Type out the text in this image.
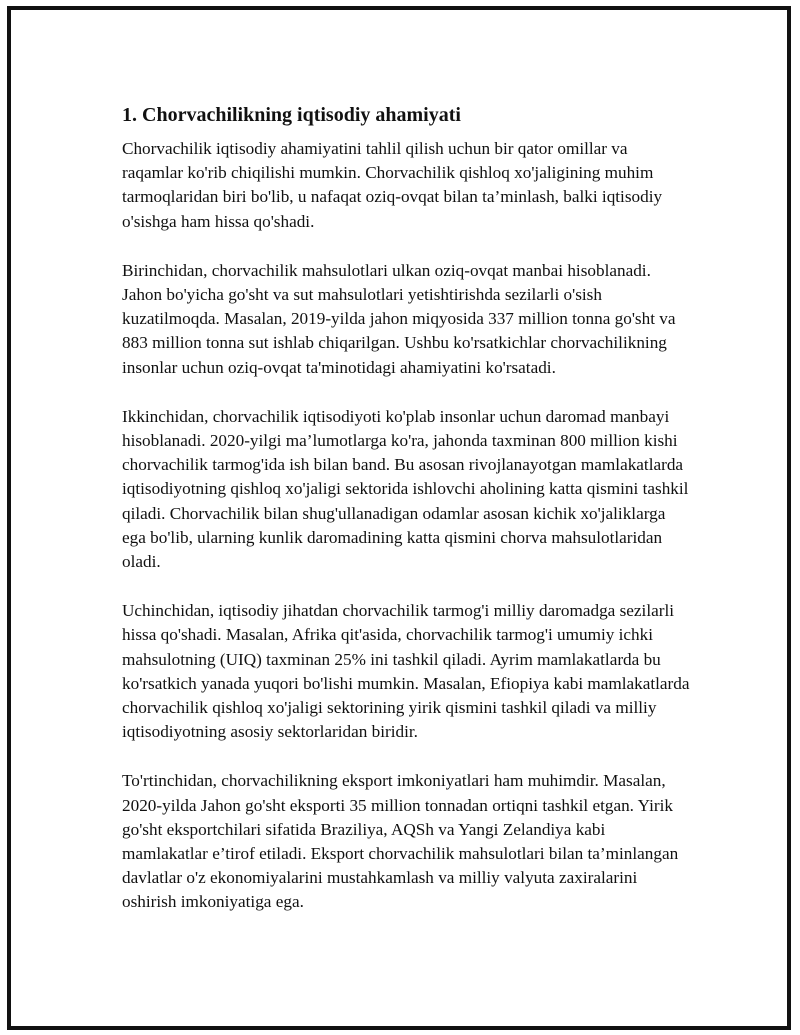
1. Chorvachilikning iqtisodiy ahamiyati

Chorvachilik iqtisodiy ahamiyatini tahlil qilish uchun bir qator omillar va raqamlar ko'rib chiqilishi mumkin. Chorvachilik qishloq xo'jaligining muhim tarmoqlaridan biri bo'lib, u nafaqat oziq-ovqat bilan ta’minlash, balki iqtisodiy o'sishga ham hissa qo'shadi.

Birinchidan, chorvachilik mahsulotlari ulkan oziq-ovqat manbai hisoblanadi. Jahon bo'yicha go'sht va sut mahsulotlari yetishtirishda sezilarli o'sish kuzatilmoqda. Masalan, 2019-yilda jahon miqyosida 337 million tonna go'sht va 883 million tonna sut ishlab chiqarilgan. Ushbu ko'rsatkichlar chorvachilikning insonlar uchun oziq-ovqat ta'minotidagi ahamiyatini ko'rsatadi.

Ikkinchidan, chorvachilik iqtisodiyoti ko'plab insonlar uchun daromad manbayi hisoblanadi. 2020-yilgi ma’lumotlarga ko'ra, jahonda taxminan 800 million kishi chorvachilik tarmog'ida ish bilan band. Bu asosan rivojlanayotgan mamlakatlarda iqtisodiyotning qishloq xo'jaligi sektorida ishlovchi aholining katta qismini tashkil qiladi. Chorvachilik bilan shug'ullanadigan odamlar asosan kichik xo'jaliklarga ega bo'lib, ularning kunlik daromadining katta qismini chorva mahsulotlaridan oladi.

Uchinchidan, iqtisodiy jihatdan chorvachilik tarmog'i milliy daromadga sezilarli hissa qo'shadi. Masalan, Afrika qit'asida, chorvachilik tarmog'i umumiy ichki mahsulotning (UIQ) taxminan 25% ini tashkil qiladi. Ayrim mamlakatlarda bu ko'rsatkich yanada yuqori bo'lishi mumkin. Masalan, Efiopiya kabi mamlakatlarda chorvachilik qishloq xo'jaligi sektorining yirik qismini tashkil qiladi va milliy iqtisodiyotning asosiy sektorlaridan biridir.

To'rtinchidan, chorvachilikning eksport imkoniyatlari ham muhimdir. Masalan, 2020-yilda Jahon go'sht eksporti 35 million tonnadan ortiqni tashkil etgan. Yirik go'sht eksportchilari sifatida Braziliya, AQSh va Yangi Zelandiya kabi mamlakatlar e’tirof etiladi. Eksport chorvachilik mahsulotlari bilan ta’minlangan davlatlar o'z ekonomiyalarini mustahkamlash va milliy valyuta zaxiralarini oshirish imkoniyatiga ega.
